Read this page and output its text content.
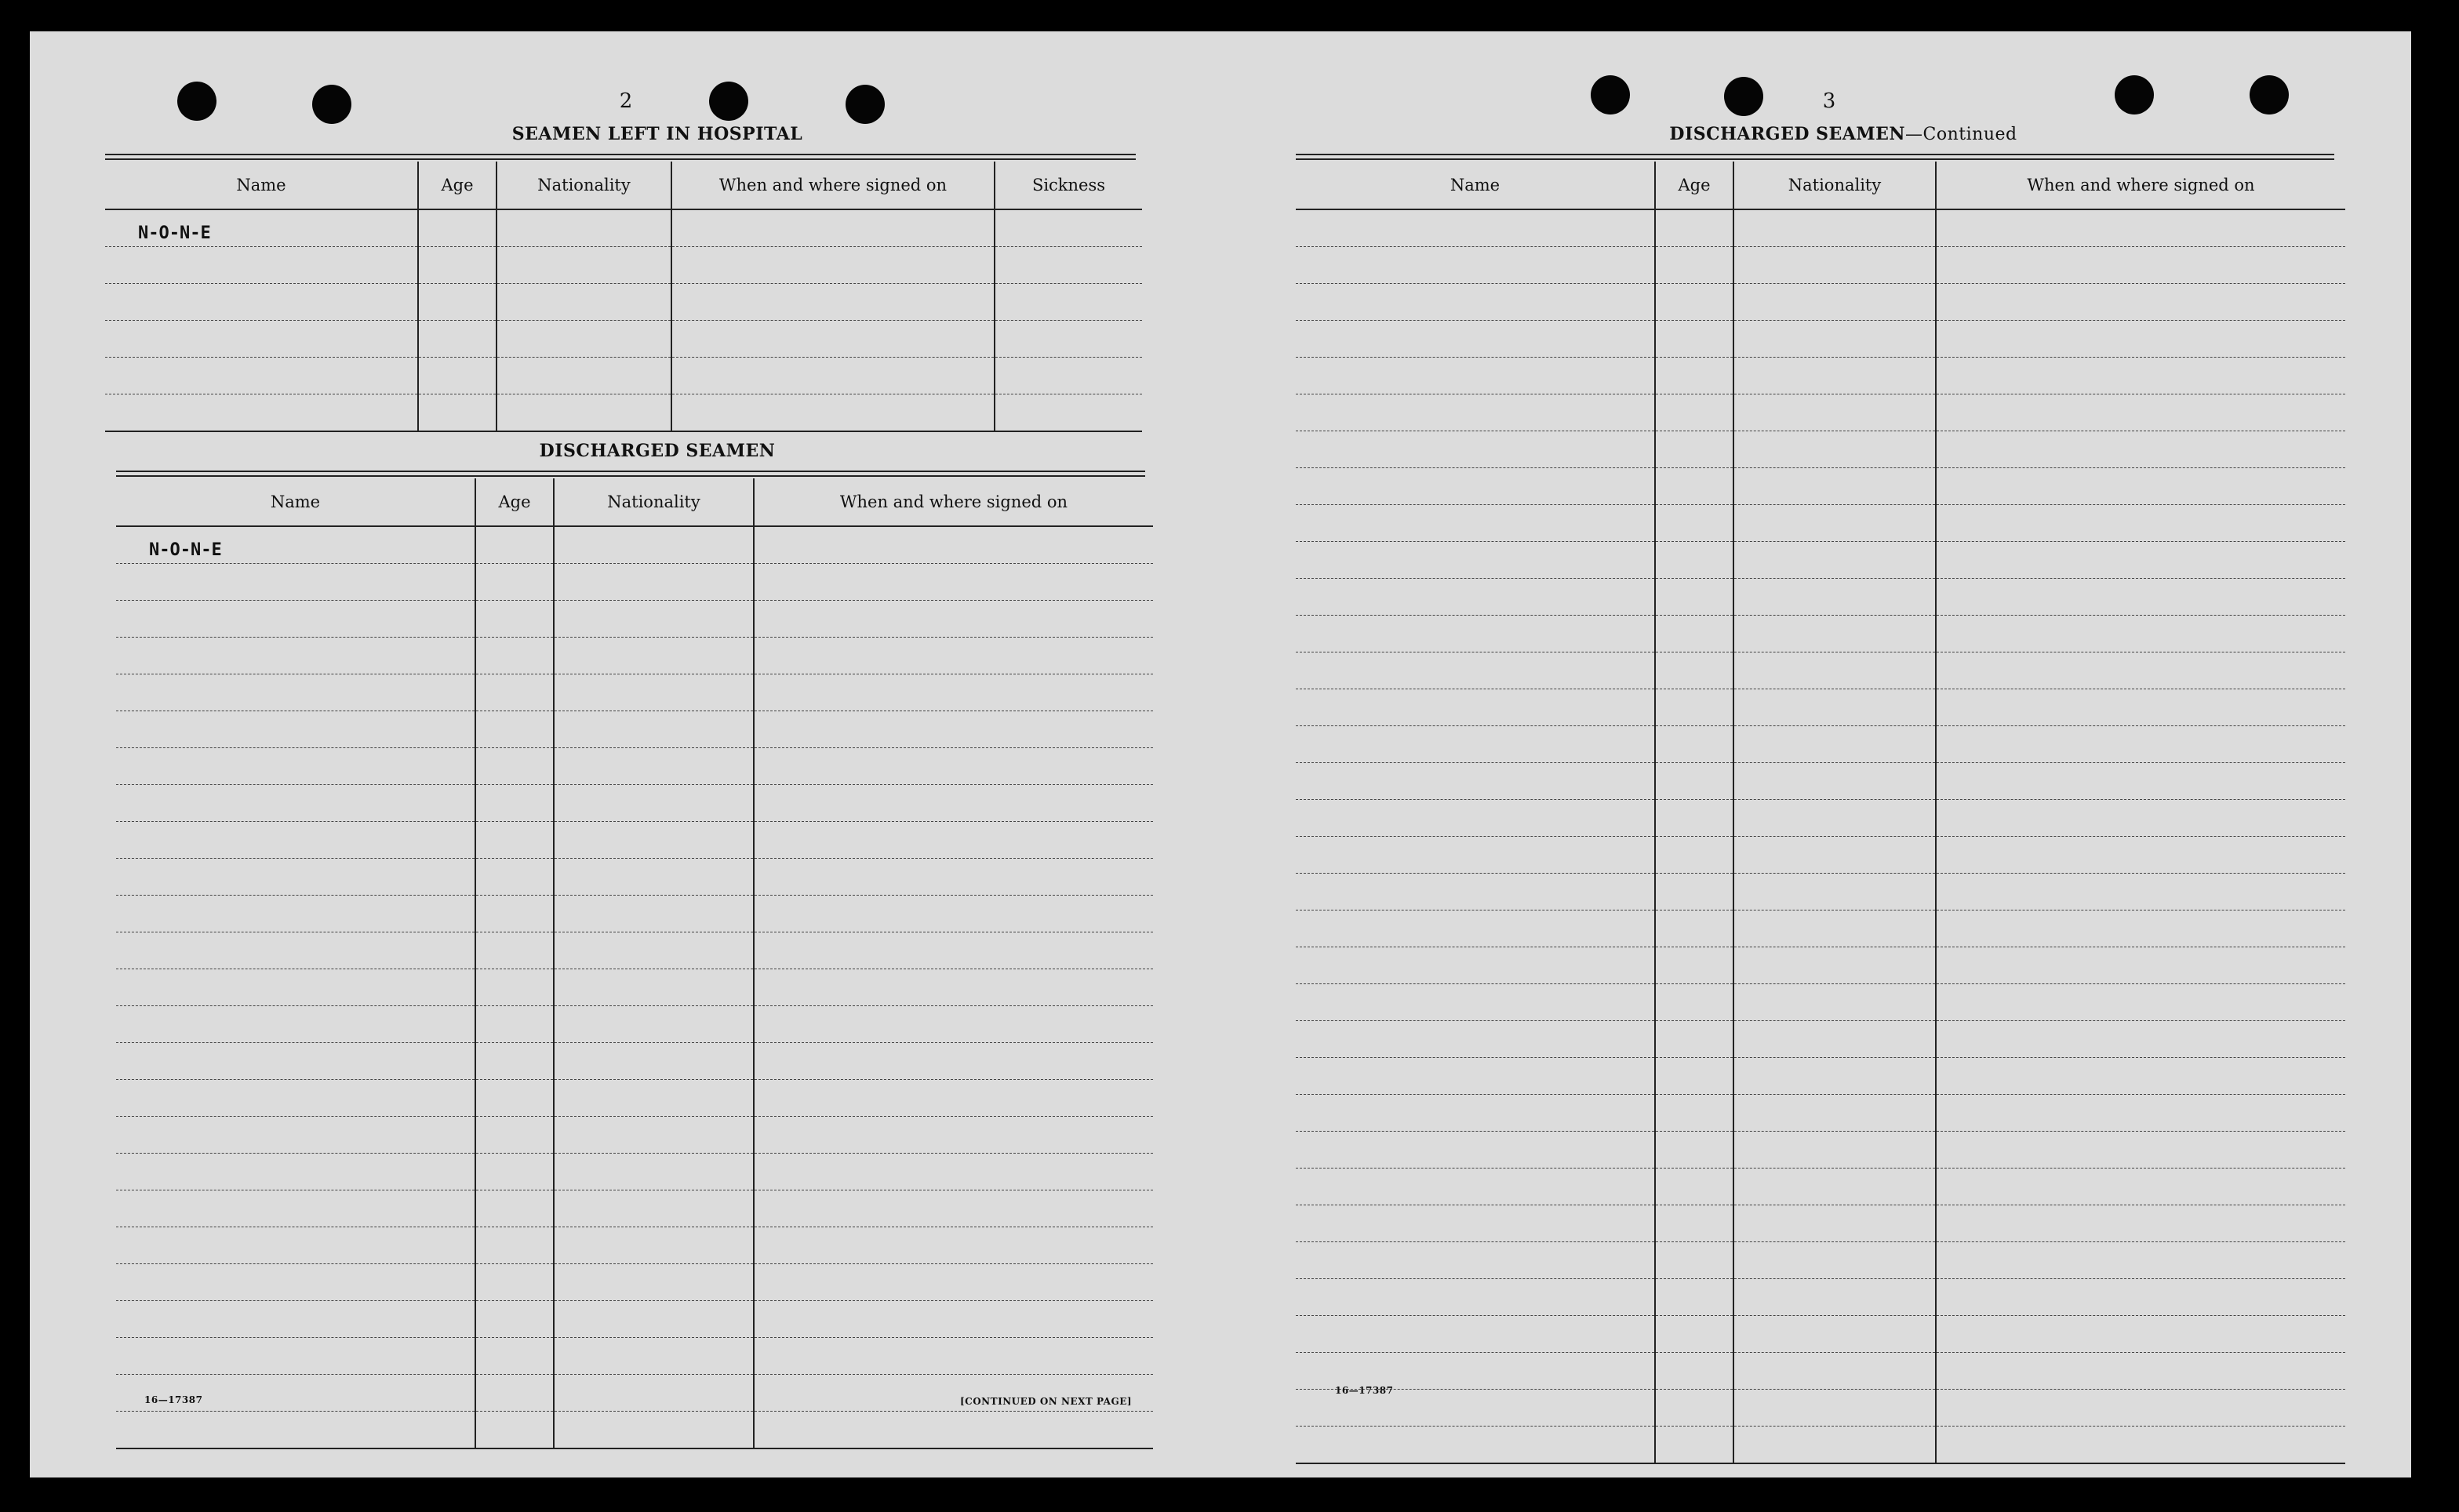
2
SEAMEN LEFT IN HOSPITAL
Name	Age	Nationality	When and where signed on	Sickness
N-O-N-E				

DISCHARGED SEAMEN
Name	Age	Nationality	When and where signed on
N-O-N-E			

16—17387	[CONTINUED ON NEXT PAGE]
3
DISCHARGED SEAMEN—Continued
Name	Age	Nationality	When and where signed on

16—17387
